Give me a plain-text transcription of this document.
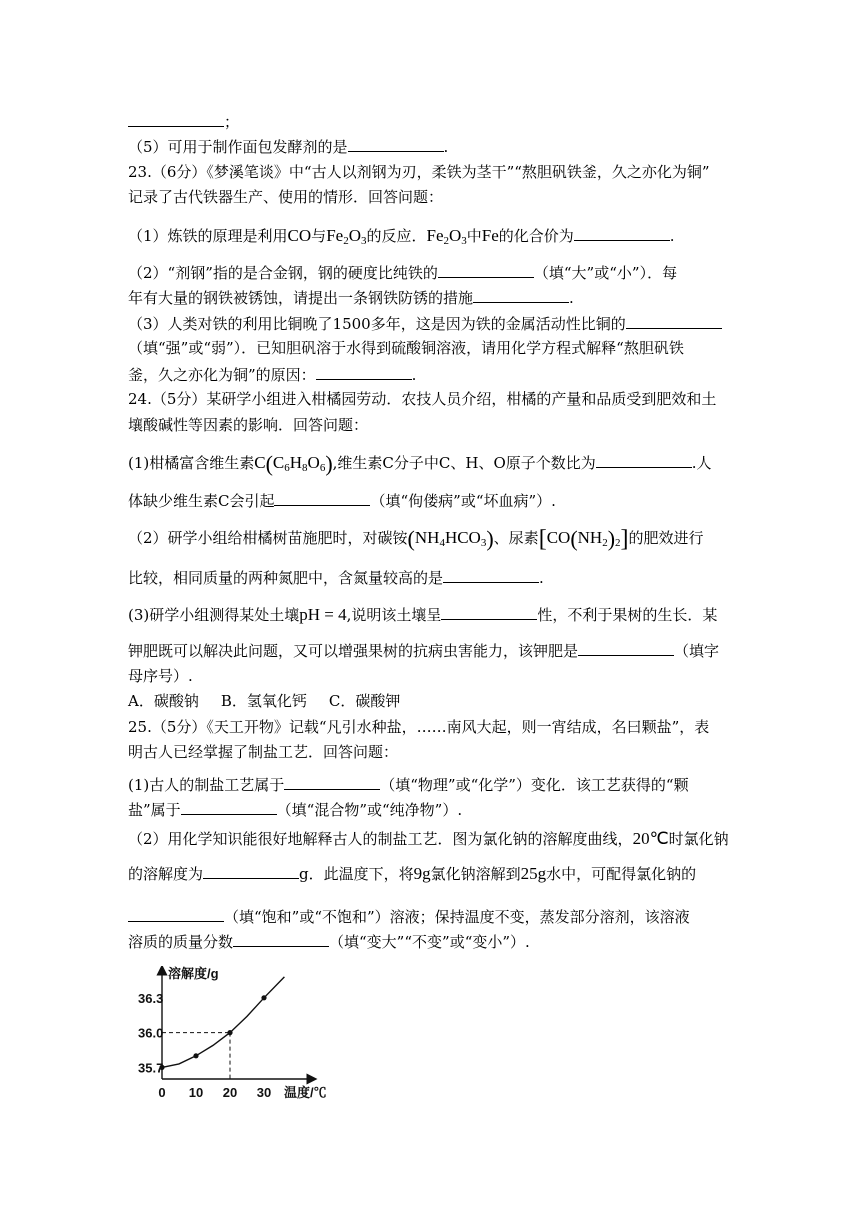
；
（5）可用于制作面包发酵剂的是	.
23.（6分）《梦溪笔谈》中“古人以剂钢为刃，柔铁为茎干”“熬胆矾铁釜，久之亦化为铜”
记录了古代铁器生产、使用的情形．回答问题：
（1）炼铁的原理是利用CO与$Fe_2O_3$的反应．$Fe_2O_3$中Fe的化合价为	.
（2）“剂钢”指的是合金钢，钢的硬度比纯铁的	（填“大”或“小”）．每
年有大量的钢铁被锈蚀，请提出一条钢铁防锈的措施	.
（3）人类对铁的利用比铜晚了1500多年，这是因为铁的金属活动性比铜的
（填“强”或“弱”）．已知胆矾溶于水得到硫酸铜溶液，请用化学方程式解释“熬胆矾铁
釜，久之亦化为铜”的原因：	.
24.（5分）某研学小组进入柑橘园劳动．农技人员介绍，柑橘的产量和品质受到肥效和土
壤酸碱性等因素的影响．回答问题：
(1)柑橘富含维生素$C(C_6H_8O_6)$,维生素C分子中C、H、O原子个数比为	.人
体缺少维生素C会引起	（填“佝偻病”或“坏血病”）.
（2）研学小组给柑橘树苗施肥时，对碳铵$(NH_4HCO_3)$、尿素$[CO(NH_2)_2]$的肥效进行
比较，相同质量的两种氮肥中，含氮量较高的是	.
(3)研学小组测得某处土壤pH = 4,说明该土壤呈	性，不利于果树的生长．某
钾肥既可以解决此问题，又可以增强果树的抗病虫害能力，该钾肥是	（填字
母序号）.
A．碳酸钠 B．氢氧化钙 C．碳酸钾
25.（5分）《天工开物》记载“凡引水种盐，……南风大起，则一宵结成，名曰颗盐”，表
明古人已经掌握了制盐工艺．回答问题：
(1)古人的制盐工艺属于	（填“物理”或“化学”）变化．该工艺获得的“颗
盐”属于	（填“混合物”或“纯净物”）.
（2）用化学知识能很好地解释古人的制盐工艺．图为氯化钠的溶解度曲线，20℃时氯化钠
的溶解度为	g．此温度下，将9g氯化钠溶解到25g水中，可配得氯化钠的
（填“饱和”或“不饱和”）溶液；保持温度不变，蒸发部分溶剂，该溶液
溶质的质量分数	（填“变大”“不变”或“变小”）.
0 10 20 30
35.7
36.0
36.3
溶解度/g
温度/℃
